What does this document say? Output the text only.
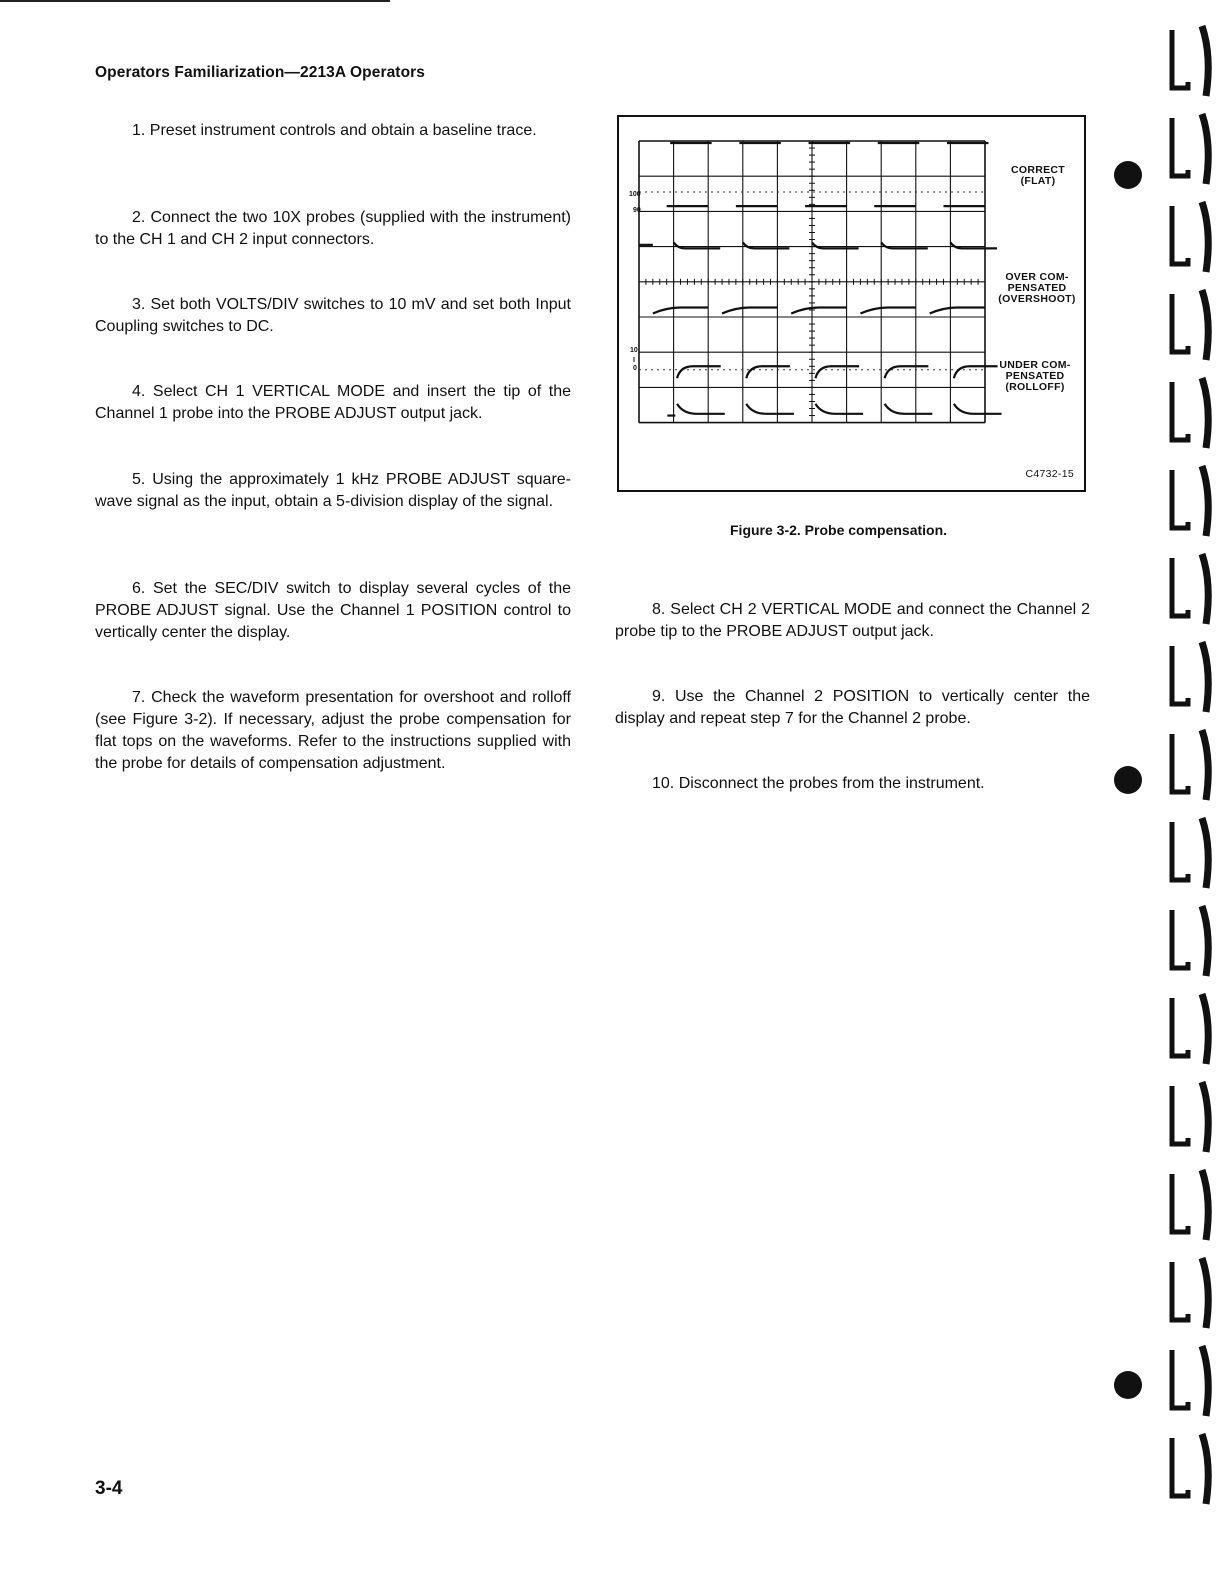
Operators Familiarization—2213A Operators

1. Preset instrument controls and obtain a baseline trace.

2. Connect the two 10X probes (supplied with the instrument) to the CH 1 and CH 2 input connectors.

3. Set both VOLTS/DIV switches to 10 mV and set both Input Coupling switches to DC.

4. Select CH 1 VERTICAL MODE and insert the tip of the Channel 1 probe into the PROBE ADJUST output jack.

5. Using the approximately 1 kHz PROBE ADJUST square-wave signal as the input, obtain a 5-division display of the signal.

6. Set the SEC/DIV switch to display several cycles of the PROBE ADJUST signal. Use the Channel 1 POSITION control to vertically center the display.

7. Check the waveform presentation for overshoot and rolloff (see Figure 3-2). If necessary, adjust the probe compensation for flat tops on the waveforms. Refer to the instructions supplied with the probe for details of compensation adjustment.

100
90
10
I
0
CORRECT
(FLAT)
OVER COM-
PENSATED
(OVERSHOOT)
UNDER COM-
PENSATED
(ROLLOFF)
C4732-15
Figure 3-2. Probe compensation.

8. Select CH 2 VERTICAL MODE and connect the Channel 2 probe tip to the PROBE ADJUST output jack.

9. Use the Channel 2 POSITION to vertically center the display and repeat step 7 for the Channel 2 probe.

10. Disconnect the probes from the instrument.

3-4
